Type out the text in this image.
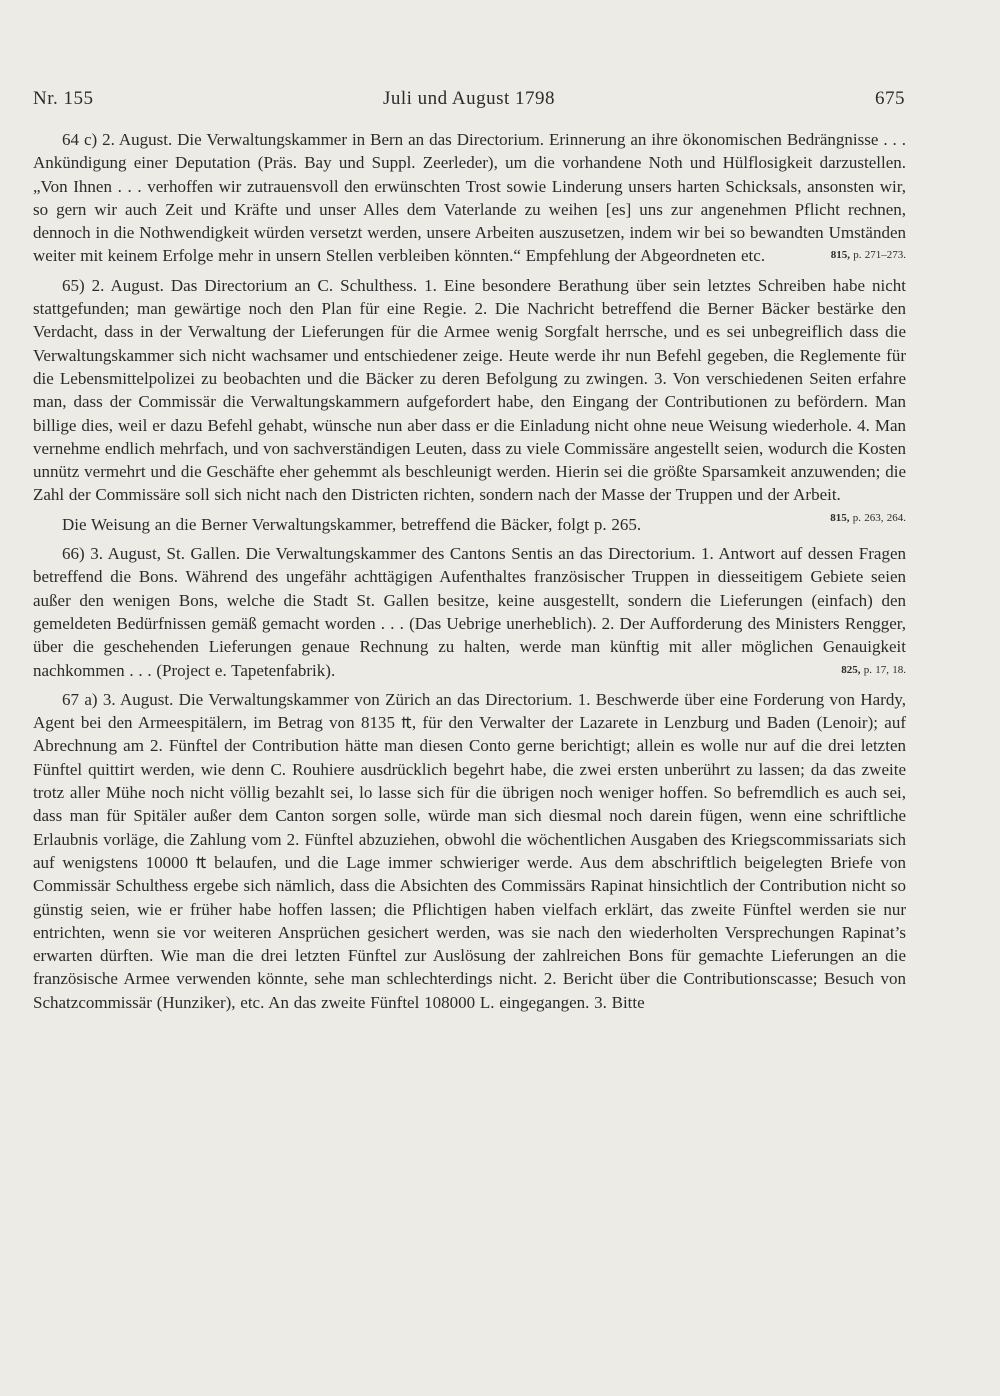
Nr. 155	Juli und August 1798	675

64 c) 2. August. Die Verwaltungskammer in Bern an das Directorium. Erinnerung an ihre ökonomischen Bedrängnisse . . . Ankündigung einer Deputation (Präs. Bay und Suppl. Zeerleder), um die vorhandene Noth und Hülflosigkeit darzustellen. „Von Ihnen . . . verhoffen wir zutrauensvoll den erwünschten Trost sowie Linderung unsers harten Schicksals, ansonsten wir, so gern wir auch Zeit und Kräfte und unser Alles dem Vaterlande zu weihen [es] uns zur angenehmen Pflicht rechnen, dennoch in die Nothwendigkeit würden versetzt werden, unsere Arbeiten auszusetzen, indem wir bei so bewandten Umständen weiter mit keinem Erfolge mehr in unsern Stellen verbleiben könnten.“ Empfehlung der Abgeordneten etc.	815, p. 271–273.

65) 2. August. Das Directorium an C. Schulthess. 1. Eine besondere Berathung über sein letztes Schreiben habe nicht stattgefunden; man gewärtige noch den Plan für eine Regie. 2. Die Nachricht betreffend die Berner Bäcker bestärke den Verdacht, dass in der Verwaltung der Lieferungen für die Armee wenig Sorgfalt herrsche, und es sei unbegreiflich dass die Verwaltungskammer sich nicht wachsamer und entschiedener zeige. Heute werde ihr nun Befehl gegeben, die Reglemente für die Lebensmittelpolizei zu beobachten und die Bäcker zu deren Befolgung zu zwingen. 3. Von verschiedenen Seiten erfahre man, dass der Commissär die Verwaltungskammern aufgefordert habe, den Eingang der Contributionen zu befördern. Man billige dies, weil er dazu Befehl gehabt, wünsche nun aber dass er die Einladung nicht ohne neue Weisung wiederhole. 4. Man vernehme endlich mehrfach, und von sachverständigen Leuten, dass zu viele Commissäre angestellt seien, wodurch die Kosten unnütz vermehrt und die Geschäfte eher gehemmt als beschleunigt werden. Hierin sei die größte Sparsamkeit anzuwenden; die Zahl der Commissäre soll sich nicht nach den Districten richten, sondern nach der Masse der Truppen und der Arbeit.
815, p. 263, 264.

Die Weisung an die Berner Verwaltungskammer, betreffend die Bäcker, folgt p. 265.

66) 3. August, St. Gallen. Die Verwaltungskammer des Cantons Sentis an das Directorium. 1. Antwort auf dessen Fragen betreffend die Bons. Während des ungefähr achttägigen Aufenthaltes französischer Truppen in diesseitigem Gebiete seien außer den wenigen Bons, welche die Stadt St. Gallen besitze, keine ausgestellt, sondern die Lieferungen (einfach) den gemeldeten Bedürfnissen gemäß gemacht worden . . . (Das Uebrige unerheblich). 2. Der Aufforderung des Ministers Rengger, über die geschehenden Lieferungen genaue Rechnung zu halten, werde man künftig mit aller möglichen Genauigkeit nachkommen . . . (Project e. Tapetenfabrik).	825, p. 17, 18.

67 a) 3. August. Die Verwaltungskammer von Zürich an das Directorium. 1. Beschwerde über eine Forderung von Hardy, Agent bei den Armeespitälern, im Betrag von 8135 ₶, für den Verwalter der Lazarete in Lenzburg und Baden (Lenoir); auf Abrechnung am 2. Fünftel der Contribution hätte man diesen Conto gerne berichtigt; allein es wolle nur auf die drei letzten Fünftel quittirt werden, wie denn C. Rouhiere ausdrücklich begehrt habe, die zwei ersten unberührt zu lassen; da das zweite trotz aller Mühe noch nicht völlig bezahlt sei, lo lasse sich für die übrigen noch weniger hoffen. So befremdlich es auch sei, dass man für Spitäler außer dem Canton sorgen solle, würde man sich diesmal noch darein fügen, wenn eine schriftliche Erlaubnis vorläge, die Zahlung vom 2. Fünftel abzuziehen, obwohl die wöchentlichen Ausgaben des Kriegscommissariats sich auf wenigstens 10000 ₶ belaufen, und die Lage immer schwieriger werde. Aus dem abschriftlich beigelegten Briefe von Commissär Schulthess ergebe sich nämlich, dass die Absichten des Commissärs Rapinat hinsichtlich der Contribution nicht so günstig seien, wie er früher habe hoffen lassen; die Pflichtigen haben vielfach erklärt, das zweite Fünftel werden sie nur entrichten, wenn sie vor weiteren Ansprüchen gesichert werden, was sie nach den wiederholten Versprechungen Rapinat’s erwarten dürften. Wie man die drei letzten Fünftel zur Auslösung der zahlreichen Bons für gemachte Lieferungen an die französische Armee verwenden könnte, sehe man schlechterdings nicht. 2. Bericht über die Contributionscasse; Besuch von Schatzcommissär (Hunziker), etc. An das zweite Fünftel 108000 L. eingegangen. 3. Bitte
